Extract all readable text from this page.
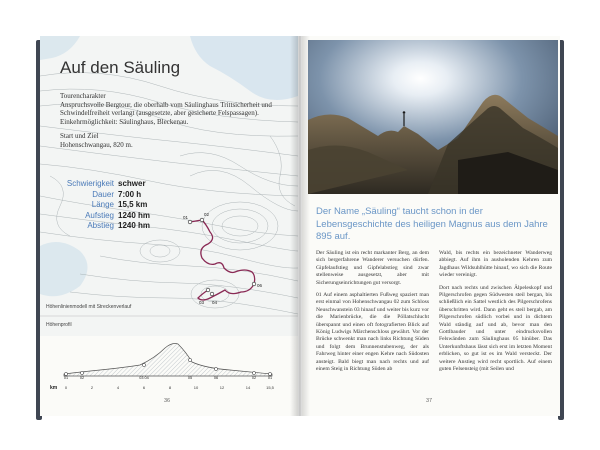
01
02
03 04
06
Auf den Säuling

Tourencharakter
Anspruchsvolle Bergtour, die oberhalb vom Säulinghaus Trittsicherheit und Schwindelfreiheit verlangt (ausgesetzte, aber gesicherte Felspassagen). Einkehrmöglichkeit: Säulinghaus, Bleckenau.

Start und Ziel
Hohenschwangau, 820 m.

Schwierigkeit schwer
Dauer 7:00 h
Länge 15,5 km
Aufstieg 1240 hm
Abstieg 1240 hm
Höhenlinienmodell mit Streckenverlauf
Höhenprofil
01	02	03 04	05	06	02	01
km 0	2	4	6	8	10	12	14	15,5
36
Der Name „Säuling“ taucht schon in der Lebensgeschichte des heiligen Magnus aus dem Jahre 895 auf.

Der Säuling ist ein recht markanter Berg, an dem sich bergerfahrene Wanderer versuchen dürfen. Gipfelaufstieg und Gipfelabstieg sind zwar stellenweise ausgesetzt, aber mit Sicherungseinrichtungen gut versorgt.

01 Auf einem asphaltierten Fußweg spaziert man erst einmal von Hohenschwangau 02 zum Schloss Neuschwanstein 03 hinauf und weiter bis kurz vor die Marienbrücke, die die Pöllatschlucht überspannt und einen oft fotografierten Blick auf König Ludwigs Märchenschloss gewährt. Vor der Brücke schwenkt man nach links Richtung Süden und folgt dem Brunnenstubenweg, der als Fahrweg hinter einer engen Kehre nach Südosten ansteigt. Bald biegt man nach rechts und auf einem Steig in Richtung Süden ab

Wald, bis rechts ein bezeichneter Wanderweg abbiegt. Auf ihm in ausholenden Kehren zum Jagdhaus Wildsuhlhütte hinauf, wo sich die Route wieder vereinigt.

Dort nach rechts und zwischen Älpeleskopf und Pilgerschrofen gegen Südwesten steil bergan, bis schließlich ein Sattel westlich des Pilgerschrofens überschritten wird. Dann geht es steil bergab, am Pilgerschrofen südlich vorbei und in dichtem Wald ständig auf und ab, bevor man den Gottlbauder und unter eindrucksvollen Felswänden zum Säulinghaus 05 hinüber. Das Unterkunftshaus lässt sich erst im letzten Moment erblicken, so gut ist es im Wald versteckt. Der weitere Anstieg wird recht sportlich. Auf einem guten Felsensteig (mit Seilen und

37
